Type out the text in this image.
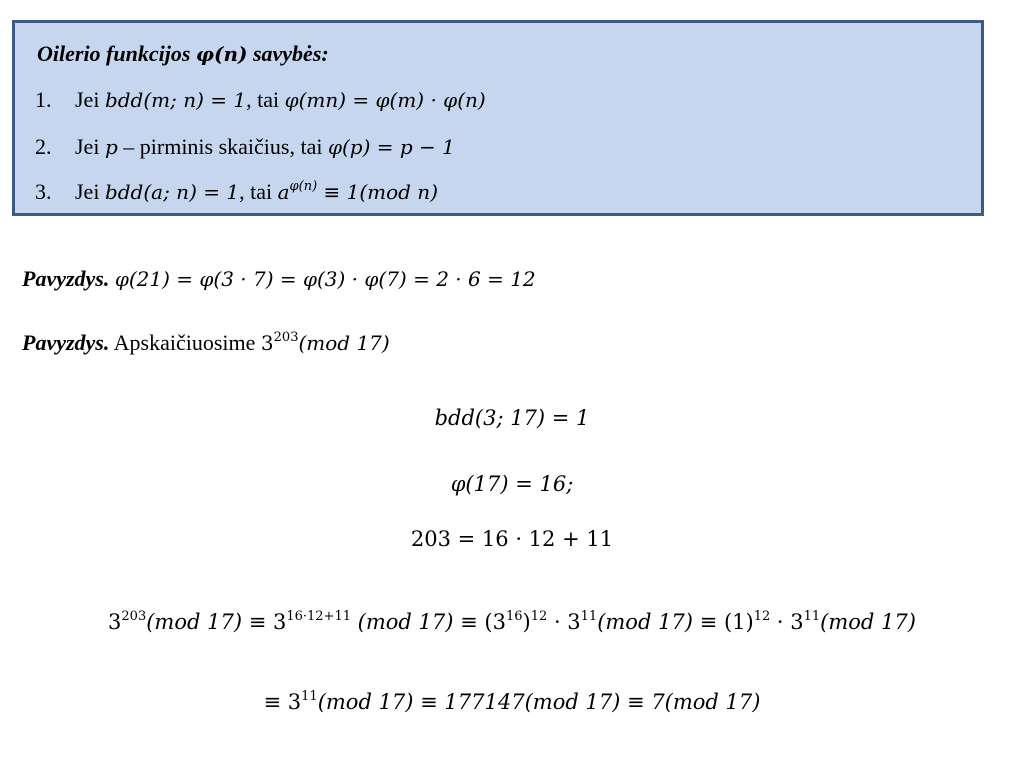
Oilerio funkcijos φ(n) savybės:
1. Jei bdd(m; n) = 1, tai φ(mn) = φ(m) · φ(n)
2. Jei p – pirminis skaičius, tai φ(p) = p − 1
3. Jei bdd(a; n) = 1, tai $a^{\varphi(n)} \equiv 1(mod$ n)
Pavyzdys. φ(21) = φ(3 · 7) = φ(3) · φ(7) = 2 · 6 = 12
Pavyzdys. Apskaičiuosime $3^{203}(mod$ 17)
bdd(3; 17) = 1
φ(17) = 16;
203 = 16 · 12 + 11
$3^{203}(mod$ $17) \equiv 3^{16\cdot 12+11}$ (mod $17) \equiv (3^{16})^{12} \cdot 3^{11}(mod$ $17) \equiv (1)^{12} \cdot 3^{11}(mod$ 17)
≡ $3^{11}(mod$ 17) ≡ 177147(mod 17) ≡ 7(mod 17)
